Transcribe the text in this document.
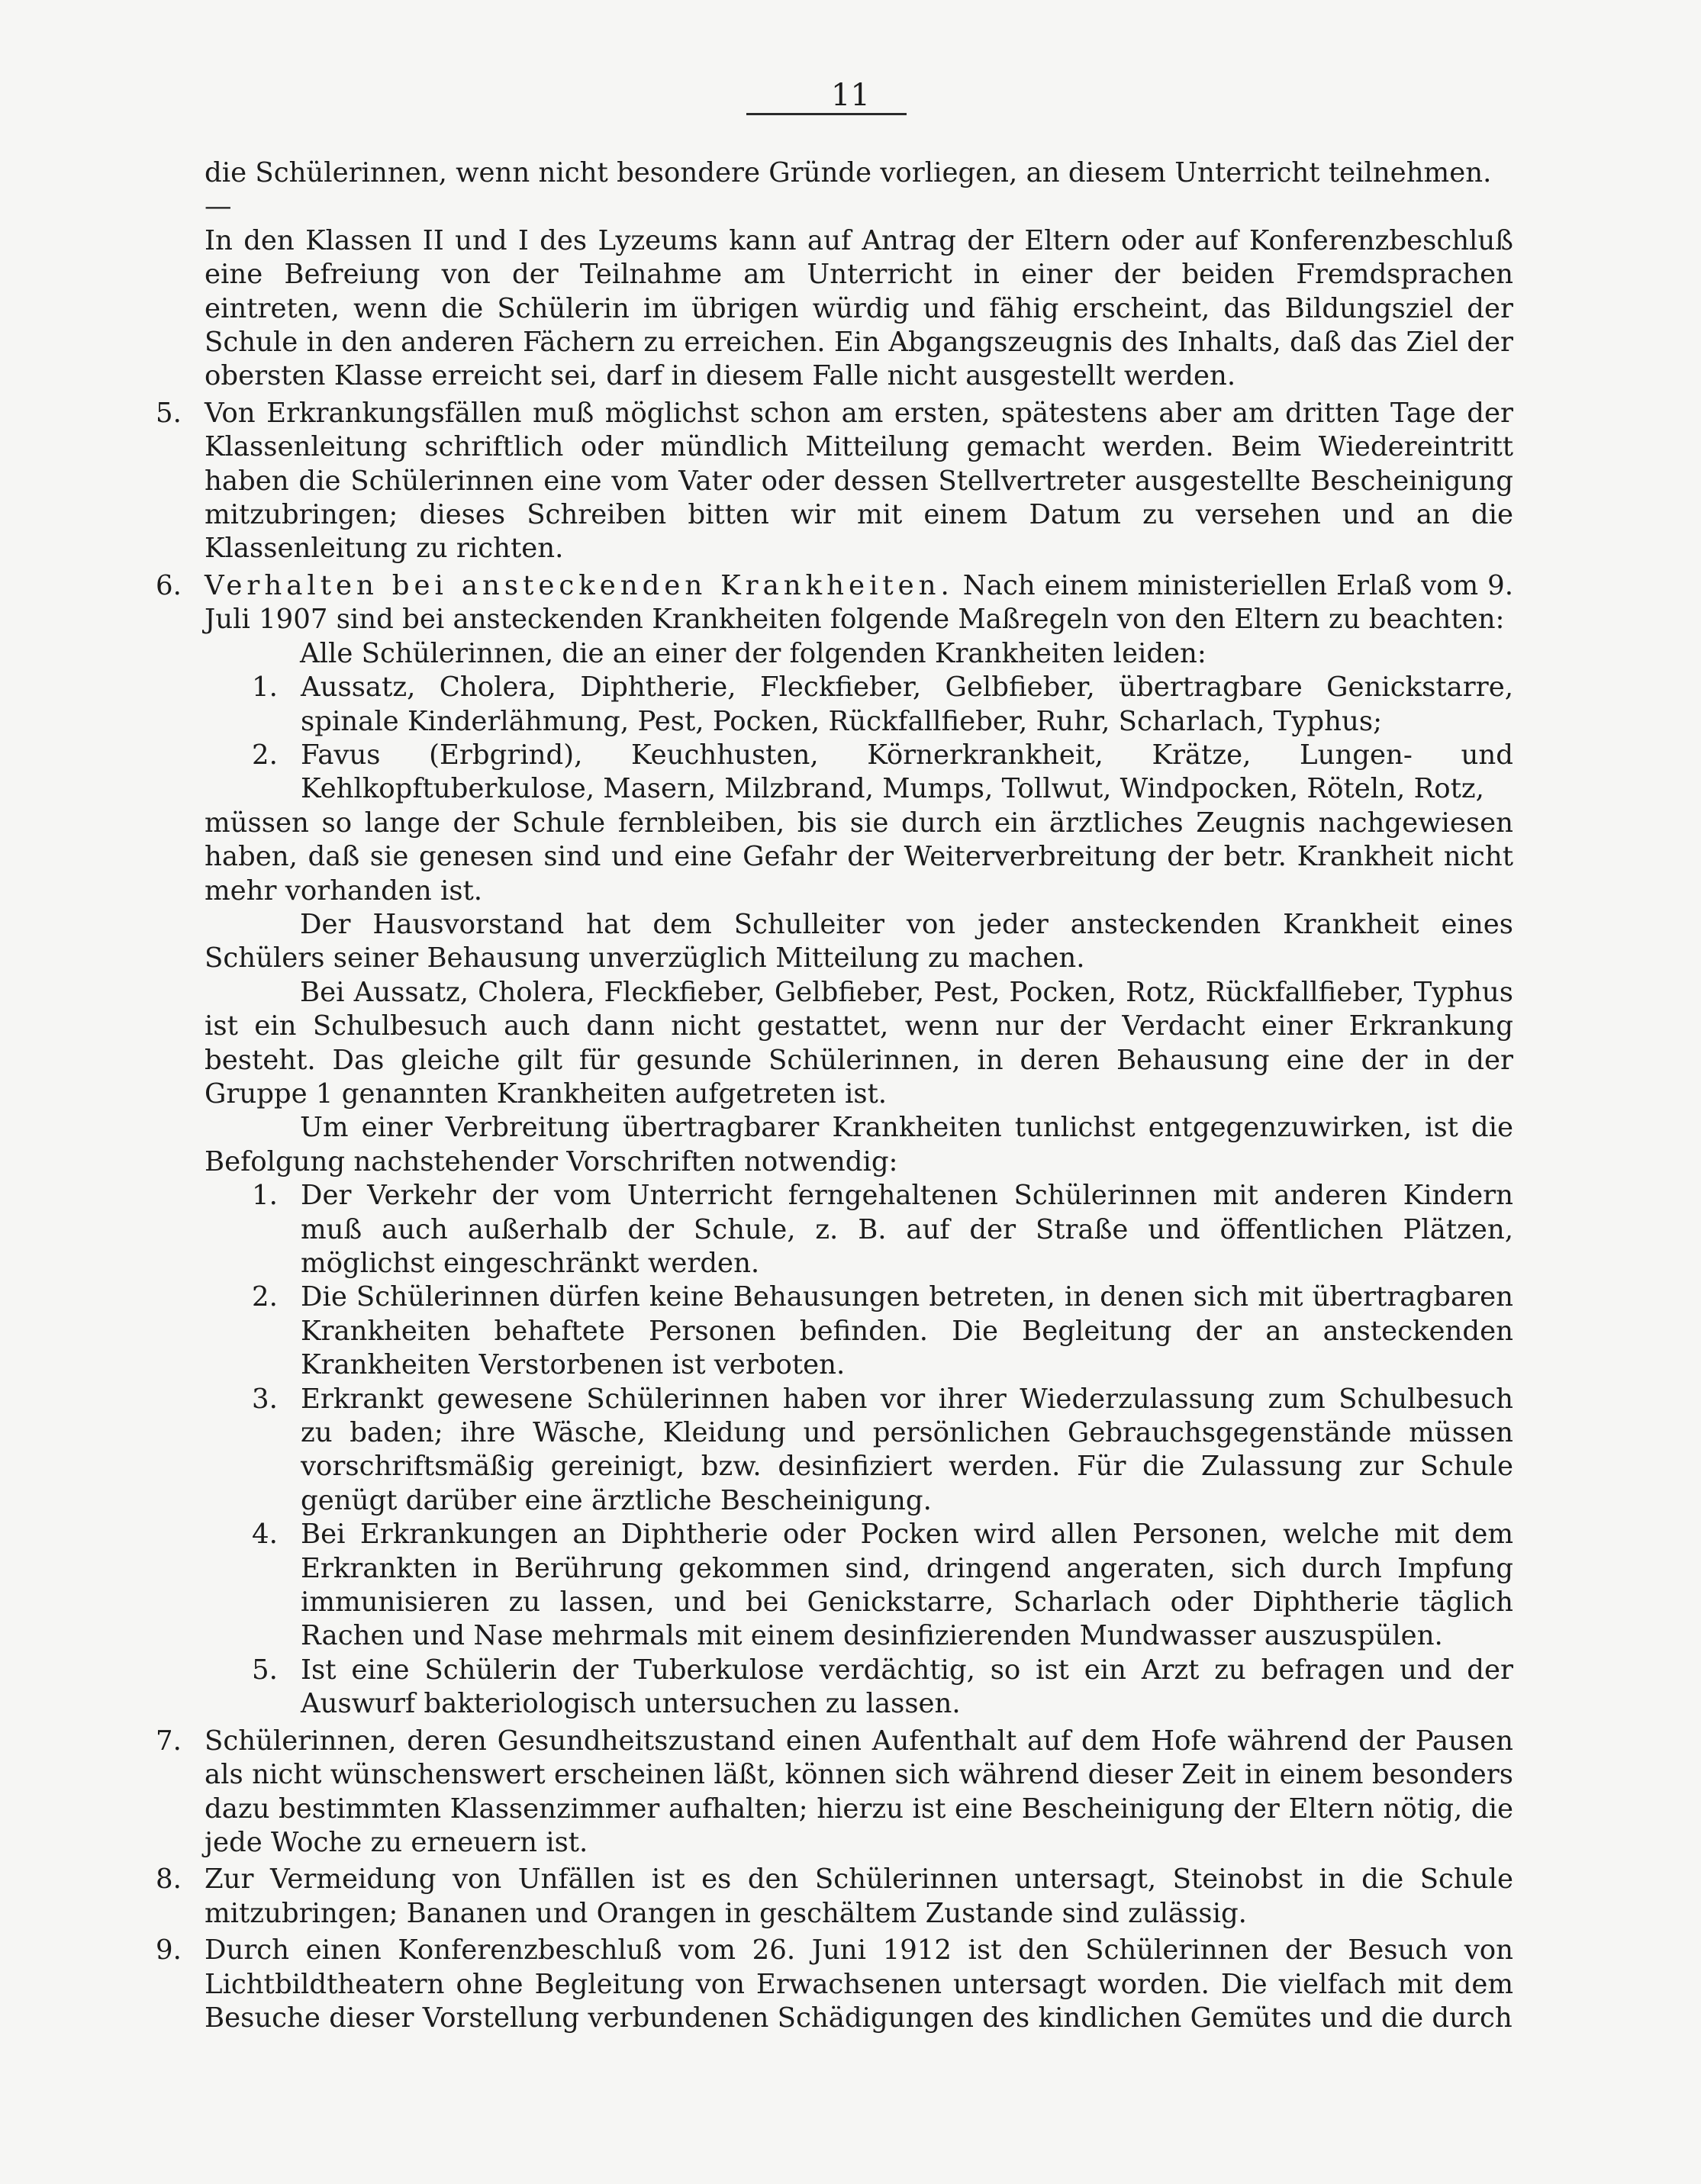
11

die Schülerinnen, wenn nicht besondere Gründe vorliegen, an diesem Unterricht teilnehmen. —

In den Klassen II und I des Lyzeums kann auf Antrag der Eltern oder auf Konferenzbeschluß eine Befreiung von der Teilnahme am Unterricht in einer der beiden Fremdsprachen eintreten, wenn die Schülerin im übrigen würdig und fähig erscheint, das Bildungsziel der Schule in den anderen Fächern zu erreichen. Ein Abgangszeugnis des Inhalts, daß das Ziel der obersten Klasse erreicht sei, darf in diesem Falle nicht ausgestellt werden.

5. Von Erkrankungsfällen muß möglichst schon am ersten, spätestens aber am dritten Tage der Klassenleitung schriftlich oder mündlich Mitteilung gemacht werden. Beim Wiedereintritt haben die Schülerinnen eine vom Vater oder dessen Stellvertreter ausgestellte Bescheinigung mitzubringen; dieses Schreiben bitten wir mit einem Datum zu versehen und an die Klassenleitung zu richten.

6. Verhalten bei ansteckenden Krankheiten. Nach einem ministeriellen Erlaß vom 9. Juli 1907 sind bei ansteckenden Krankheiten folgende Maßregeln von den Eltern zu beachten:

Alle Schülerinnen, die an einer der folgenden Krankheiten leiden:

1. Aussatz, Cholera, Diphtherie, Fleckfieber, Gelbfieber, übertragbare Genickstarre, spinale Kinderlähmung, Pest, Pocken, Rückfallfieber, Ruhr, Scharlach, Typhus;
2. Favus (Erbgrind), Keuchhusten, Körnerkrankheit, Krätze, Lungen- und Kehlkopftuberkulose, Masern, Milzbrand, Mumps, Tollwut, Windpocken, Röteln, Rotz,

müssen so lange der Schule fernbleiben, bis sie durch ein ärztliches Zeugnis nachgewiesen haben, daß sie genesen sind und eine Gefahr der Weiterverbreitung der betr. Krankheit nicht mehr vorhanden ist.

Der Hausvorstand hat dem Schulleiter von jeder ansteckenden Krankheit eines Schülers seiner Behausung unverzüglich Mitteilung zu machen.

Bei Aussatz, Cholera, Fleckfieber, Gelbfieber, Pest, Pocken, Rotz, Rückfallfieber, Typhus ist ein Schulbesuch auch dann nicht gestattet, wenn nur der Verdacht einer Erkrankung besteht. Das gleiche gilt für gesunde Schülerinnen, in deren Behausung eine der in der Gruppe 1 genannten Krankheiten aufgetreten ist.

Um einer Verbreitung übertragbarer Krankheiten tunlichst entgegenzuwirken, ist die Befolgung nachstehender Vorschriften notwendig:

1. Der Verkehr der vom Unterricht ferngehaltenen Schülerinnen mit anderen Kindern muß auch außerhalb der Schule, z. B. auf der Straße und öffentlichen Plätzen, möglichst eingeschränkt werden.
2. Die Schülerinnen dürfen keine Behausungen betreten, in denen sich mit übertragbaren Krankheiten behaftete Personen befinden. Die Begleitung der an ansteckenden Krankheiten Verstorbenen ist verboten.
3. Erkrankt gewesene Schülerinnen haben vor ihrer Wiederzulassung zum Schulbesuch zu baden; ihre Wäsche, Kleidung und persönlichen Gebrauchsgegenstände müssen vorschriftsmäßig gereinigt, bzw. desinfiziert werden. Für die Zulassung zur Schule genügt darüber eine ärztliche Bescheinigung.
4. Bei Erkrankungen an Diphtherie oder Pocken wird allen Personen, welche mit dem Erkrankten in Berührung gekommen sind, dringend angeraten, sich durch Impfung immunisieren zu lassen, und bei Genickstarre, Scharlach oder Diphtherie täglich Rachen und Nase mehrmals mit einem desinfizierenden Mundwasser auszuspülen.
5. Ist eine Schülerin der Tuberkulose verdächtig, so ist ein Arzt zu befragen und der Auswurf bakteriologisch untersuchen zu lassen.

7. Schülerinnen, deren Gesundheitszustand einen Aufenthalt auf dem Hofe während der Pausen als nicht wünschenswert erscheinen läßt, können sich während dieser Zeit in einem besonders dazu bestimmten Klassenzimmer aufhalten; hierzu ist eine Bescheinigung der Eltern nötig, die jede Woche zu erneuern ist.

8. Zur Vermeidung von Unfällen ist es den Schülerinnen untersagt, Steinobst in die Schule mitzubringen; Bananen und Orangen in geschältem Zustande sind zulässig.

9. Durch einen Konferenzbeschluß vom 26. Juni 1912 ist den Schülerinnen der Besuch von Lichtbildtheatern ohne Begleitung von Erwachsenen untersagt worden. Die vielfach mit dem Besuche dieser Vorstellung verbundenen Schädigungen des kindlichen Gemütes und die durch
